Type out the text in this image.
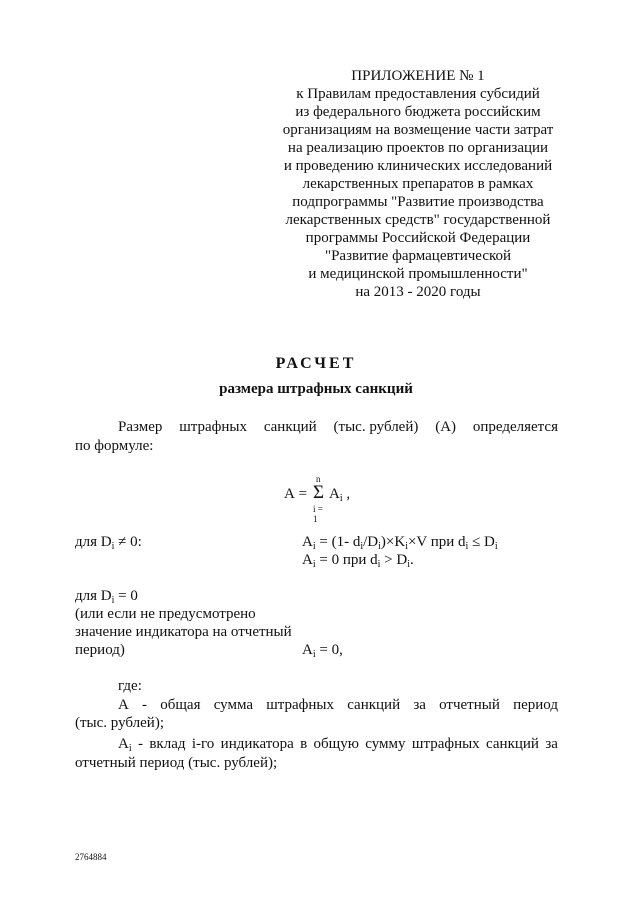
ПРИЛОЖЕНИЕ № 1
к Правилам предоставления субсидий
из федерального бюджета российским
организациям на возмещение части затрат
на реализацию проектов по организации
и проведению клинических исследований
лекарственных препаратов в рамках
подпрограммы "Развитие производства
лекарственных средств" государственной
программы Российской Федерации
"Развитие фармацевтической
и медицинской промышленности"
на 2013 - 2020 годы
РАСЧЕТ
размера штрафных санкций
Размер штрафных санкций (тыс. рублей) (А) определяется
по формуле:
А =
n
Σ
i = 1
$А_i$ ,
для $D_i \ne 0$:	$А_i = (1-$ $d_i/D_i)\times K_i\times V$ при $d_i \le D_i$
$А_i = 0$ при $d_i > D_i$.
для $D_i = 0$
(или если не предусмотрено
значение индикатора на отчетный
период)	$А_i = 0$,
где:
А - общая сумма штрафных санкций за отчетный период
(тыс. рублей);
$А_i$ - вклад i-го индикатора в общую сумму штрафных санкций за
отчетный период (тыс. рублей);
2764884
